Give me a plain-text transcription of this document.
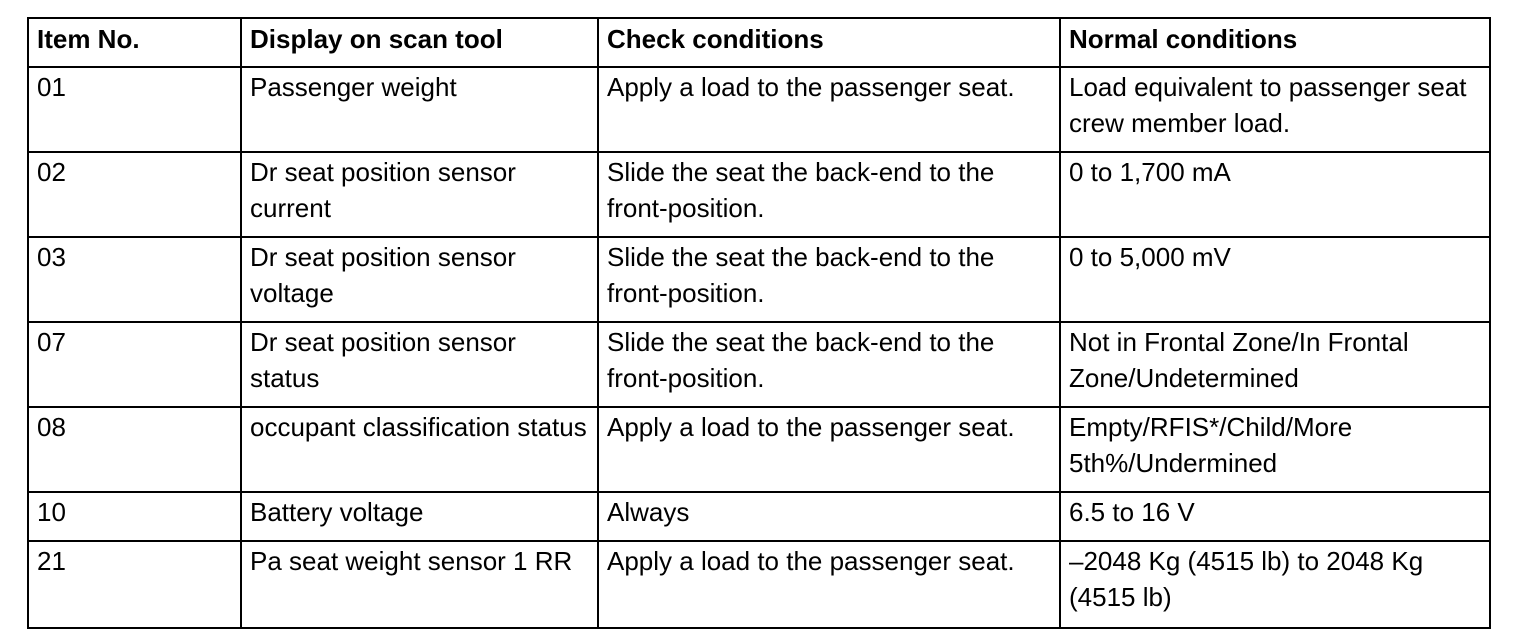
Item No.	Display on scan tool	Check conditions	Normal conditions
01	Passenger weight	Apply a load to the passenger seat.	Load equivalent to passenger seat crew member load.
02	Dr seat position sensor current	Slide the seat the back-end to the front-position.	0 to 1,700 mA
03	Dr seat position sensor voltage	Slide the seat the back-end to the front-position.	0 to 5,000 mV
07	Dr seat position sensor status	Slide the seat the back-end to the front-position.	Not in Frontal Zone/In Frontal Zone/Undetermined
08	occupant classification status	Apply a load to the passenger seat.	Empty/RFIS*/Child/More 5th%/Undermined
10	Battery voltage	Always	6.5 to 16 V
21	Pa seat weight sensor 1 RR	Apply a load to the passenger seat.	–2048 Kg (4515 lb) to 2048 Kg (4515 lb)
